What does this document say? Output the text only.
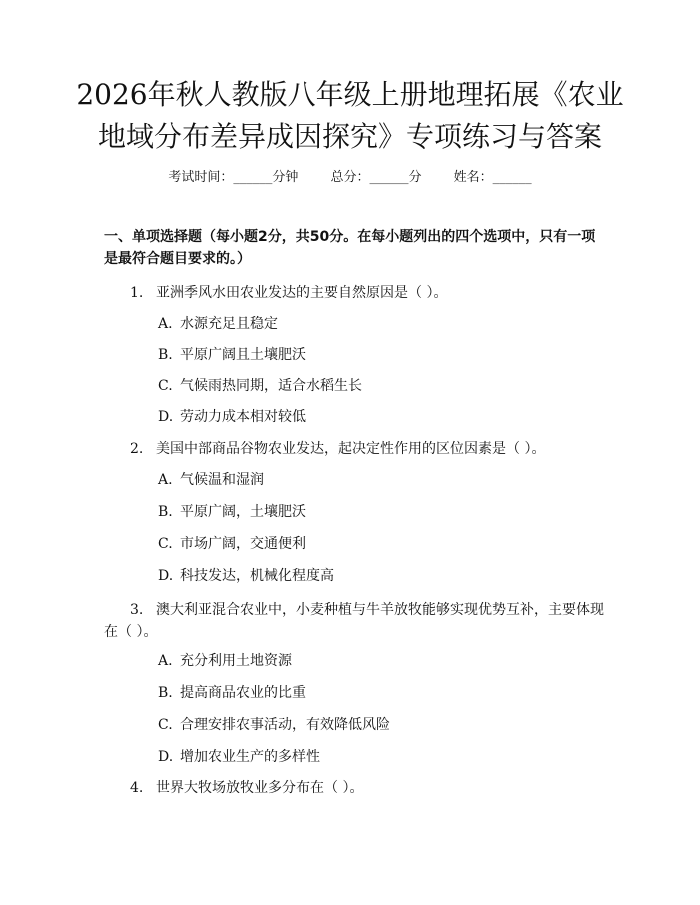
2026年秋人教版八年级上册地理拓展《农业
地域分布差异成因探究》专项练习与答案
考试时间：______分钟 总分：______分 姓名：______
一、单项选择题（每小题2分，共50分。在每小题列出的四个选项中，只有一项是最符合题目要求的。）
1. 亚洲季风水田农业发达的主要自然原因是（ ）。
A. 水源充足且稳定
B. 平原广阔且土壤肥沃
C. 气候雨热同期，适合水稻生长
D. 劳动力成本相对较低
2. 美国中部商品谷物农业发达，起决定性作用的区位因素是（ ）。
A. 气候温和湿润
B. 平原广阔，土壤肥沃
C. 市场广阔，交通便利
D. 科技发达，机械化程度高
3. 澳大利亚混合农业中，小麦种植与牛羊放牧能够实现优势互补，主要体现在（ ）。
A. 充分利用土地资源
B. 提高商品农业的比重
C. 合理安排农事活动，有效降低风险
D. 增加农业生产的多样性
4. 世界大牧场放牧业多分布在（ ）。
